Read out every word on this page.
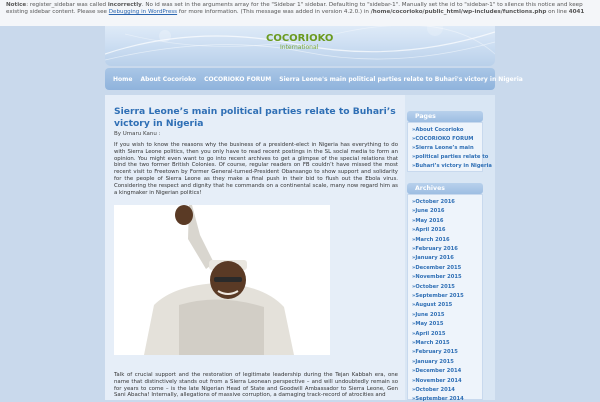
Notice: register_sidebar was called incorrectly. No id was set in the arguments array for the "Sidebar 1" sidebar. Defaulting to "sidebar-1". Manually set the id to "sidebar-1" to silence this notice and keep existing sidebar content. Please see Debugging in WordPress for more information. (This message was added in version 4.2.0.) in /home/cocorioko/public_html/wp-includes/functions.php on line 4041
COCORIOKO
International
Home About Cocorioko COCORIOKO FORUM Sierra Leone's main political parties relate to Buhari's victory in Nigeria
Sierra Leone’s main political parties relate to Buhari’s victory in Nigeria
By Umaru Kanu :
If you wish to know the reasons why the business of a president-elect in Nigeria has everything to do with Sierra Leone politics, then you only have to read recent postings in the SL social media to form an opinion. You might even want to go into recent archives to get a glimpse of the special relations that bind the two former British Colonies. Of course, regular readers on FB couldn’t have missed the most recent visit to Freetown by Former General-turned-President Obansango to show support and solidarity for the people of Sierra Leone as they make a final push in their bid to flush out the Ebola virus. Considering the respect and dignity that he commands on a continental scale, many now regard him as a kingmaker in Nigerian politics!
Talk of crucial support and the restoration of legitimate leadership during the Tejan Kabbah era, one name that distinctively stands out from a Sierra Leonean perspective – and will undoubtedly remain so for years to come – is the late Nigerian Head of State and Goodwill Ambassador to Sierra Leone, Gen Sani Abacha! Internally, allegations of massive corruption, a damaging track-record of atrocities and
Pages
» About Cocorioko
» COCORIOKO FORUM
» Sierra Leone’s main
» political parties relate to
» Buhari’s victory in Nigeria
Archives
» October 2016
» June 2016
» May 2016
» April 2016
» March 2016
» February 2016
» January 2016
» December 2015
» November 2015
» October 2015
» September 2015
» August 2015
» June 2015
» May 2015
» April 2015
» March 2015
» February 2015
» January 2015
» December 2014
» November 2014
» October 2014
» September 2014
